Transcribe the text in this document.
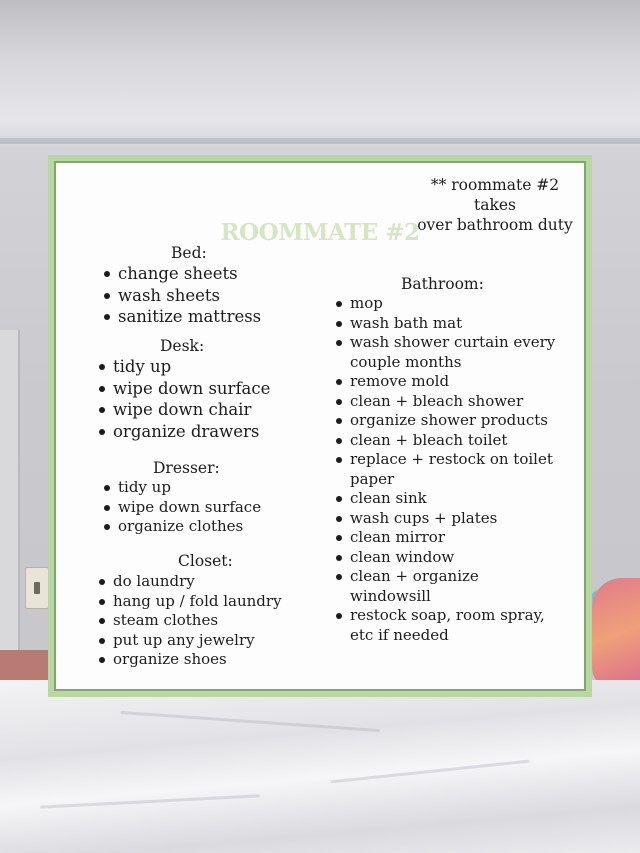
** roommate #2 takes
over bathroom duty
ROOMMATE #2
Bed:
change sheets
wash sheets
sanitize mattress
Desk:
tidy up
wipe down surface
wipe down chair
organize drawers
Dresser:
tidy up
wipe down surface
organize clothes
Closet:
do laundry
hang up / fold laundry
steam clothes
put up any jewelry
organize shoes
Bathroom:
mop
wash bath mat
wash shower curtain every couple months
remove mold
clean + bleach shower
organize shower products
clean + bleach toilet
replace + restock on toilet paper
clean sink
wash cups + plates
clean mirror
clean window
clean + organize windowsill
restock soap, room spray, etc if needed
